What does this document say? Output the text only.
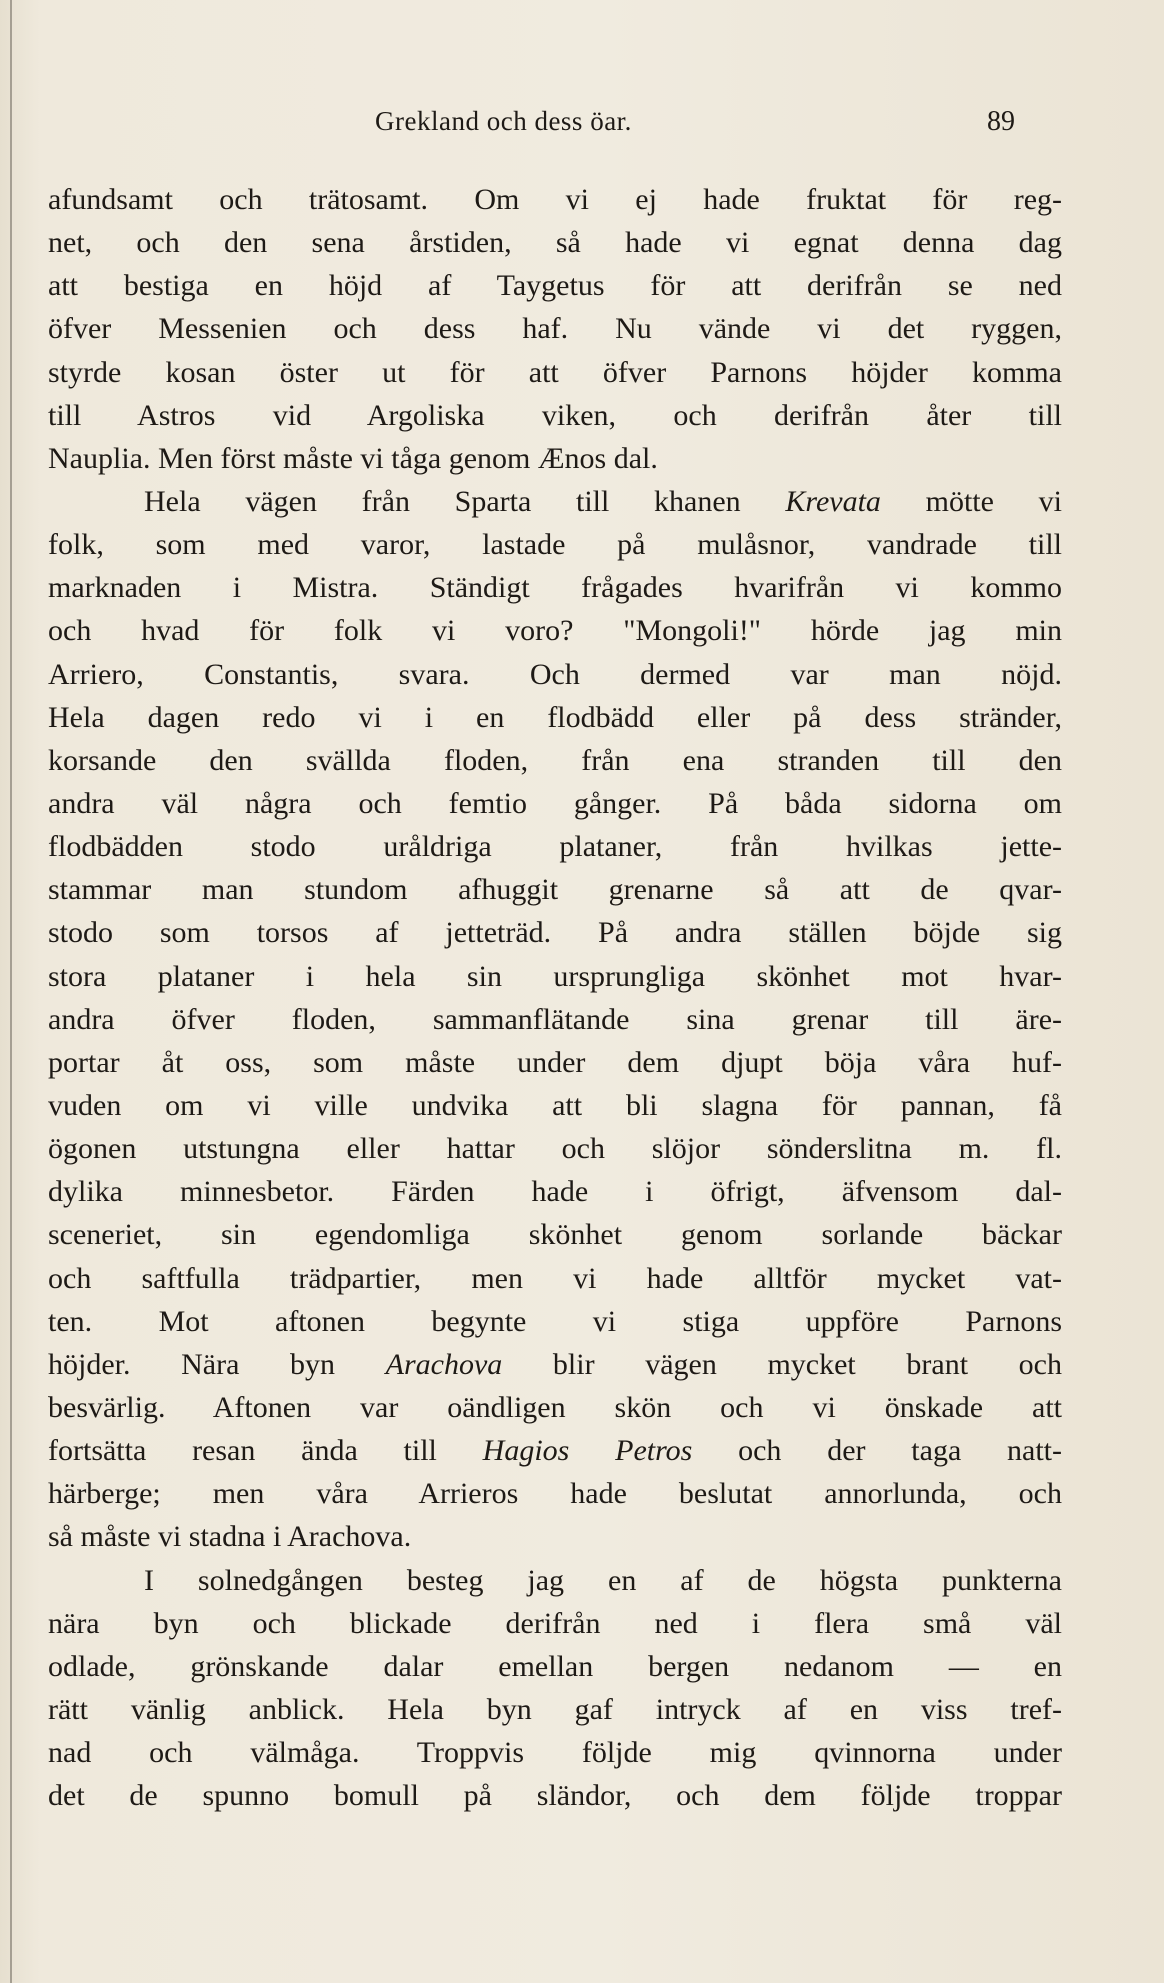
Grekland och dess öar.	89
afundsamt och trätosamt. Om vi ej hade fruktat för reg-
net, och den sena årstiden, så hade vi egnat denna dag
att bestiga en höjd af Taygetus för att derifrån se ned
öfver Messenien och dess haf. Nu vände vi det ryggen,
styrde kosan öster ut för att öfver Parnons höjder komma
till Astros vid Argoliska viken, och derifrån åter till
Nauplia. Men först måste vi tåga genom Ænos dal.
Hela vägen från Sparta till khanen Krevata mötte vi
folk, som med varor, lastade på mulåsnor, vandrade till
marknaden i Mistra. Ständigt frågades hvarifrån vi kommo
och hvad för folk vi voro? "Mongoli!" hörde jag min
Arriero, Constantis, svara. Och dermed var man nöjd.
Hela dagen redo vi i en flodbädd eller på dess stränder,
korsande den svällda floden, från ena stranden till den
andra väl några och femtio gånger. På båda sidorna om
flodbädden stodo uråldriga plataner, från hvilkas jette-
stammar man stundom afhuggit grenarne så att de qvar-
stodo som torsos af jetteträd. På andra ställen böjde sig
stora plataner i hela sin ursprungliga skönhet mot hvar-
andra öfver floden, sammanflätande sina grenar till äre-
portar åt oss, som måste under dem djupt böja våra huf-
vuden om vi ville undvika att bli slagna för pannan, få
ögonen utstungna eller hattar och slöjor sönderslitna m. fl.
dylika minnesbetor. Färden hade i öfrigt, äfvensom dal-
sceneriet, sin egendomliga skönhet genom sorlande bäckar
och saftfulla trädpartier, men vi hade alltför mycket vat-
ten. Mot aftonen begynte vi stiga uppföre Parnons
höjder. Nära byn Arachova blir vägen mycket brant och
besvärlig. Aftonen var oändligen skön och vi önskade att
fortsätta resan ända till Hagios Petros och der taga natt-
härberge; men våra Arrieros hade beslutat annorlunda, och
så måste vi stadna i Arachova.
I solnedgången besteg jag en af de högsta punkterna
nära byn och blickade derifrån ned i flera små väl
odlade, grönskande dalar emellan bergen nedanom — en
rätt vänlig anblick. Hela byn gaf intryck af en viss tref-
nad och välmåga. Troppvis följde mig qvinnorna under
det de spunno bomull på sländor, och dem följde troppar
